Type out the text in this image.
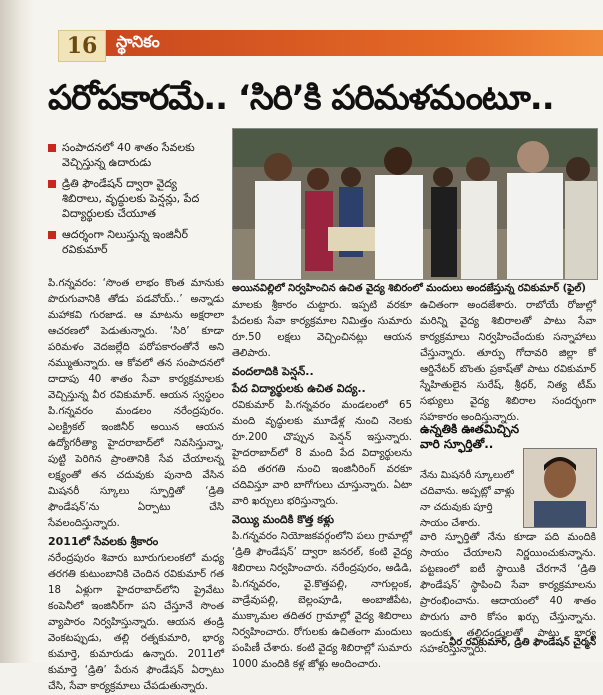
16	స్థానికం
పరోపకారమే.. ‘సిరి’కి పరిమళమంటూ..
సంపాదనలో 40 శాతం సేవలకు వెచ్చిస్తున్న ఉదారుడు
డ్రితి ఫౌండేషన్ ద్వారా వైద్య శిబిరాలు, వృద్ధులకు పెన్షన్లు, పేద విద్యార్థులకు చేయూత
ఆదర్శంగా నిలుస్తున్న ఇంజినీర్ రవికుమార్
అయినవిల్లిలో నిర్వహించిన ఉచిత వైద్య శిబిరంలో మందులు అందజేస్తున్న రవికుమార్ (ఫైల్)
పి.గన్నవరం: ‘సొంత లాభం కొంత మానుకు పొరుగువానికి తోడు పడవోయ్..’ అన్నాడు మహాకవి గురజాడ. ఆ మాటను అక్షరాలా ఆచరణలో పెడుతున్నారు. ‘సిరి’ కూడా పరిమళం వెదజల్లేది పరోపకారంతోనే అని నమ్ముతున్నారు. ఆ కోవలో తన సంపాదనలో దాదాపు 40 శాతం సేవా కార్యక్రమాలకు వెచ్చిస్తున్న వీర రవికుమార్. ఆయన స్వస్థలం పి.గన్నవరం మండలం నరేంద్రపురం. ఎలక్ట్రికల్ ఇంజినీర్ అయిన ఆయన ఉద్యోగరీత్యా హైదరాబాద్‌లో నివసిస్తున్నా, పుట్టి పెరిగిన ప్రాంతానికి సేవ చేయాలన్న లక్ష్యంతో తన చదువుకు పునాది వేసిన మిషనరీ స్కూలు స్ఫూర్తితో ‘డ్రితి ఫౌండేషన్’ను ఏర్పాటు చేసి సేవలందిస్తున్నారు.
2011లో సేవలకు శ్రీకారం
నరేంద్రపురం శివారు బూరుగులంకలో మధ్య తరగతి కుటుంబానికి చెందిన రవికుమార్ గత 18 ఏళ్లుగా హైదరాబాద్‌లోని ప్రైవేటు కంపెనీలో ఇంజినీర్‌గా పని చేస్తూనే సొంత వ్యాపారం నిర్వహిస్తున్నారు. ఆయన తండ్రి వెంకటప్పుడు, తల్లి రత్నకుమారి, భార్య కుమార్తె, కుమారుడు ఉన్నారు. 2011లో కుమార్తె ‘డ్రితి’ పేరున ఫౌండేషన్ ఏర్పాటు చేసి, సేవా కార్యక్రమాలు చేపడుతున్నారు.
మాలకు శ్రీకారం చుట్టారు. ఇప్పటి వరకూ పేదలకు సేవా కార్యక్రమాల నిమిత్తం సుమారు రూ.50 లక్షలు వెచ్చించినట్లు ఆయన తెలిపారు.
వందలాదికి పెన్షన్..
పేద విద్యార్థులకు ఉచిత విద్య..
రవికుమార్ పి.గన్నవరం మండలంలో 65 మంది వృద్ధులకు మూడేళ్ల నుంచి నెలకు రూ.200 చొప్పున పెన్షన్ ఇస్తున్నారు. హైదరాబాద్‌లో 8 మంది పేద విద్యార్థులను పది తరగతి నుంచి ఇంజినీరింగ్ వరకూ చదివిస్తూ వారి బాగోగులు చూస్తున్నారు. ఏటా వారి ఖర్చులు భరిస్తున్నారు.
వెయ్యి మందికి కొత్త కళ్లు
పి.గన్నవరం నియోజకవర్గంలోని పలు గ్రామాల్లో ‘డ్రితి ఫౌండేషన్’ ద్వారా జనరల్, కంటి వైద్య శిబిరాలు నిర్వహించారు. నరేంద్రపురం, అడిడి, పి.గన్నవరం, వై.కొత్తపల్లి, నాగుల్లంక, వాడ్రేవుపల్లి, బెల్లంపూడి, అంబాజీపేట, ముక్కామల తదితర గ్రామాల్లో వైద్య శిబిరాలు నిర్వహించారు. రోగులకు ఉచితంగా మందులు పంపిణీ చేశారు. కంటి వైద్య శిబిరాల్లో సుమారు 1000 మందికి కళ్ల జోళ్లు అందించారు.
ఉచితంగా అందజేశారు. రాబోయే రోజుల్లో మరిన్ని వైద్య శిబిరాలతో పాటు సేవా కార్యక్రమాలు నిర్వహించేందుకు సన్నాహాలు చేస్తున్నారు. తూర్పు గోదావరి జిల్లా కో ఆర్డినేటర్ బొంతు ప్రకాష్‌తో పాటు రవికుమార్ స్నేహితులైన సురేష్, శ్రీధర్, నిత్య టీమ్ సభ్యులు వైద్య శిబిరాల సందర్భంగా సహకారం అందిస్తున్నారు.
ఉన్నతికి ఊతమిచ్చిన వారి స్ఫూర్తితో..
నేను మిషనరీ స్కూలులో చదివాను. అప్పట్లో వాళ్లు నా చదువుకు పూర్తి సాయం చేశారు.
వారి స్ఫూర్తితో నేను కూడా పది మందికి సాయం చేయాలని నిర్ణయించుకున్నాను. పట్టణంలో ఐటీ స్థాయికి చేరగానే ‘డ్రితి ఫౌండేషన్’ స్థాపించి సేవా కార్యక్రమాలను ప్రారంభించాను. ఆదాయంలో 40 శాతం పొరుగు వారి కోసం ఖర్చు చేస్తున్నాను. ఇందుకు తల్లిదండ్రులతో పాటు భార్య సహకరిస్తున్నారు.
- వీర రవికుమార్, డ్రితి ఫౌండేషన్ చైర్మన్
